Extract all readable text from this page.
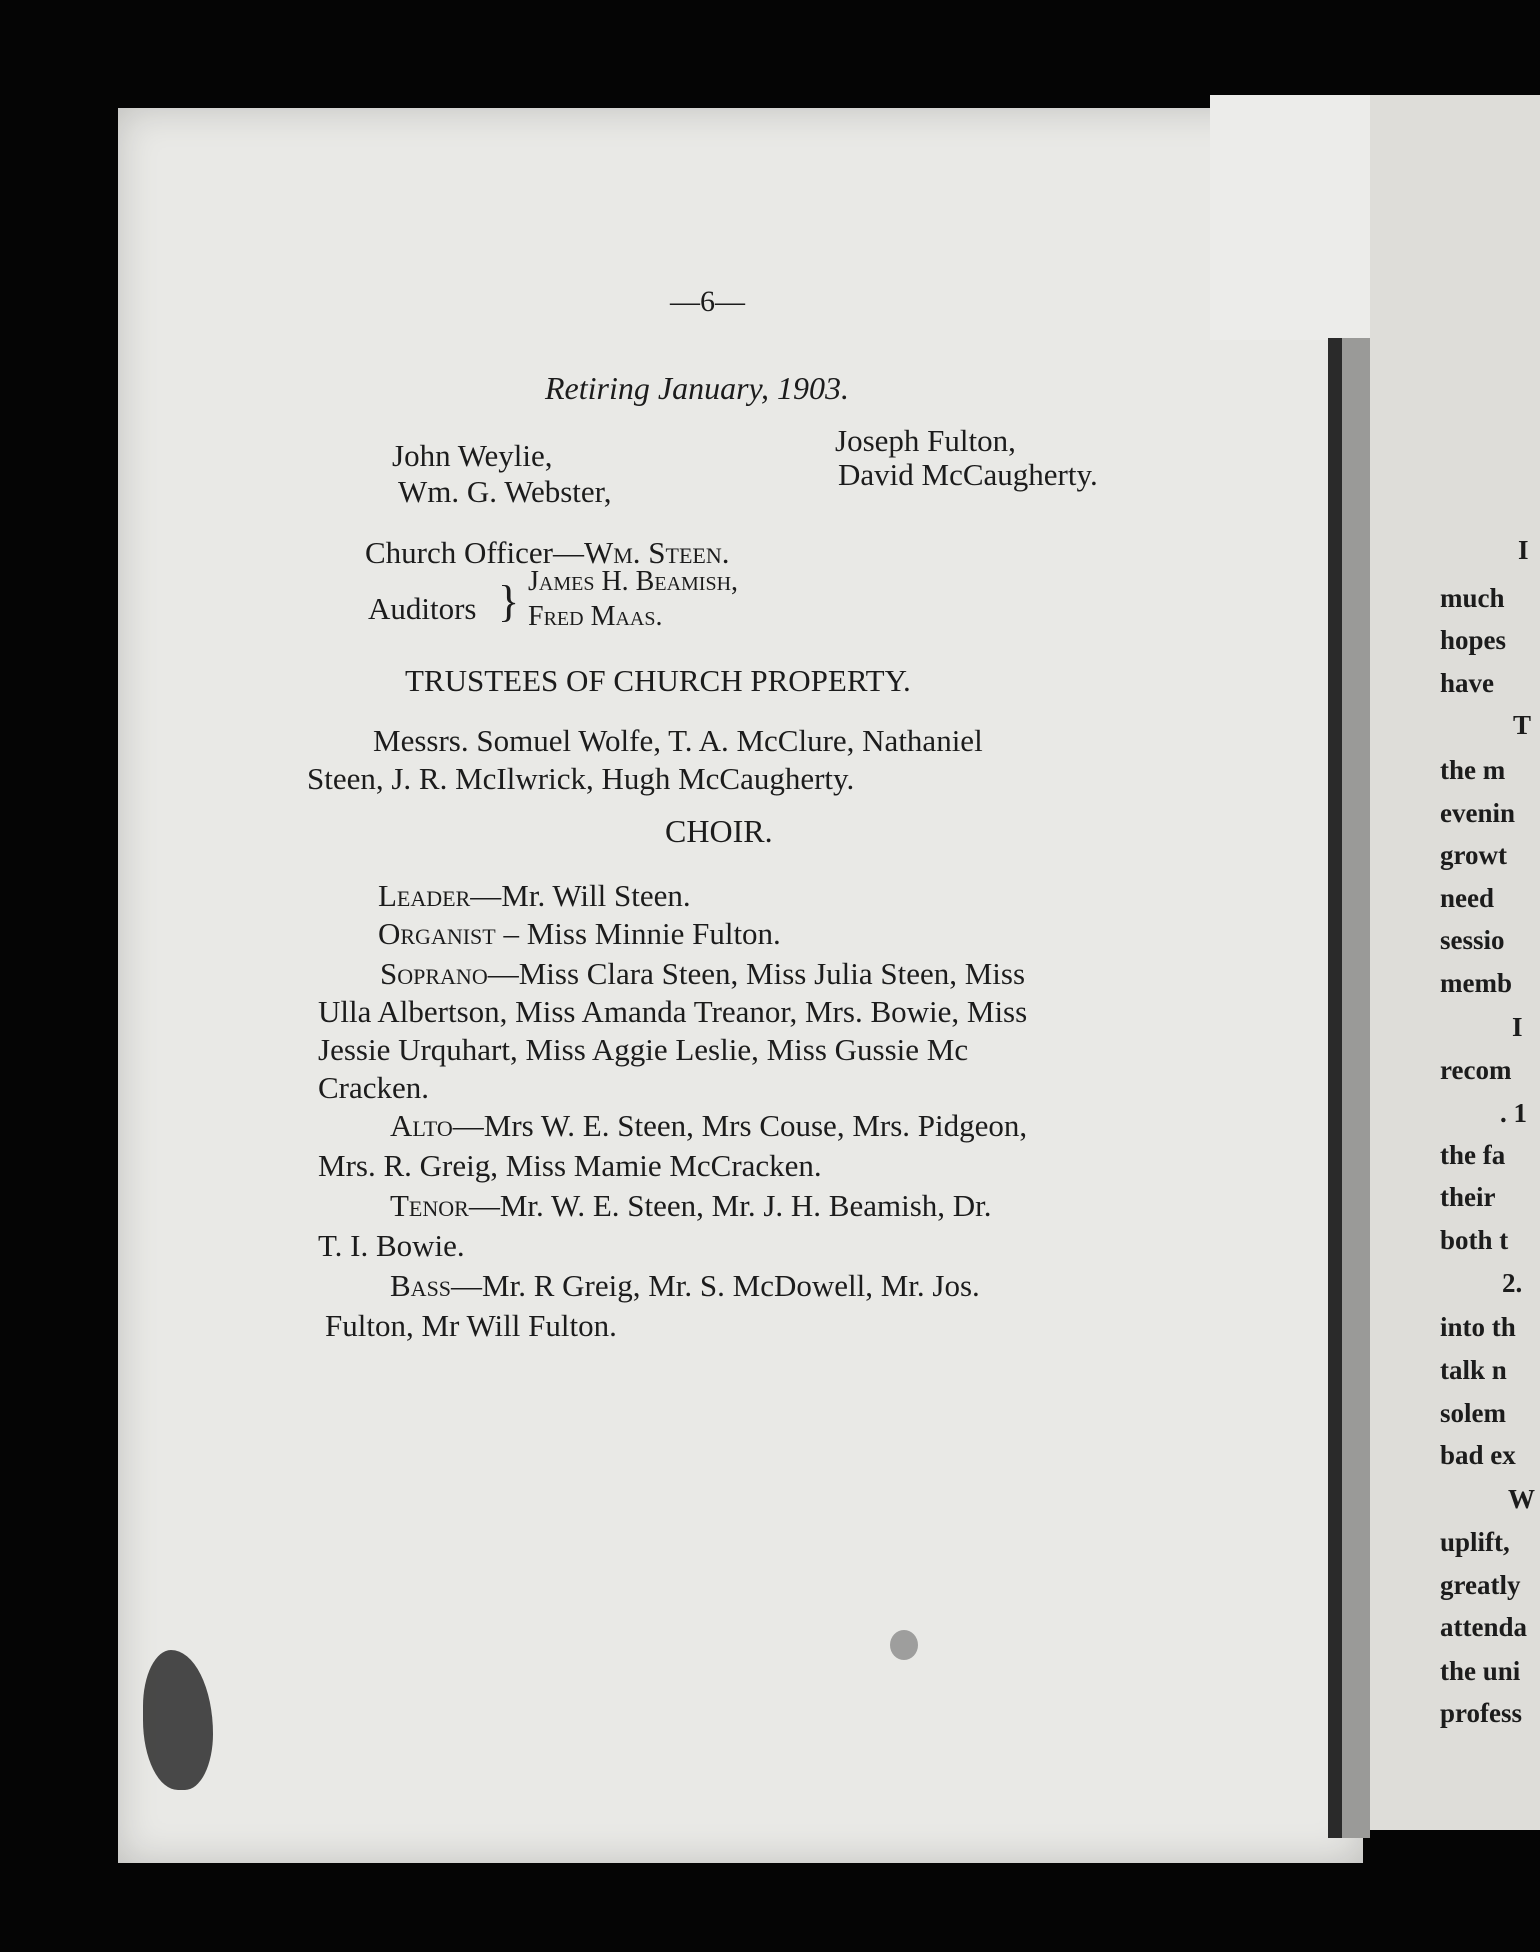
—6—
Retiring January, 1903.
John Weylie,
Wm. G. Webster,
Joseph Fulton,
David McCaugherty.
Church Officer—Wm. Steen.
Auditors } James H. Beamish,
Fred Maas.
TRUSTEES OF CHURCH PROPERTY.
Messrs. Somuel Wolfe, T. A. McClure, Nathaniel
Steen, J. R. McIlwrick, Hugh McCaugherty.
CHOIR.
Leader—Mr. Will Steen.
Organist – Miss Minnie Fulton.
Soprano—Miss Clara Steen, Miss Julia Steen, Miss
Ulla Albertson, Miss Amanda Treanor, Mrs. Bowie, Miss
Jessie Urquhart, Miss Aggie Leslie, Miss Gussie Mc
Cracken.
Alto—Mrs W. E. Steen, Mrs Couse, Mrs. Pidgeon,
Mrs. R. Greig, Miss Mamie McCracken.
Tenor—Mr. W. E. Steen, Mr. J. H. Beamish, Dr.
T. I. Bowie.
Bass—Mr. R Greig, Mr. S. McDowell, Mr. Jos.
Fulton, Mr Will Fulton.
I
much
hopes
have
T
the m
evenin
growt
need
sessio
memb
I
recom
. 1
the fa
their
both t
2.
into th
talk n
solem
bad ex
W
uplift,
greatly
attenda
the uni
profess
